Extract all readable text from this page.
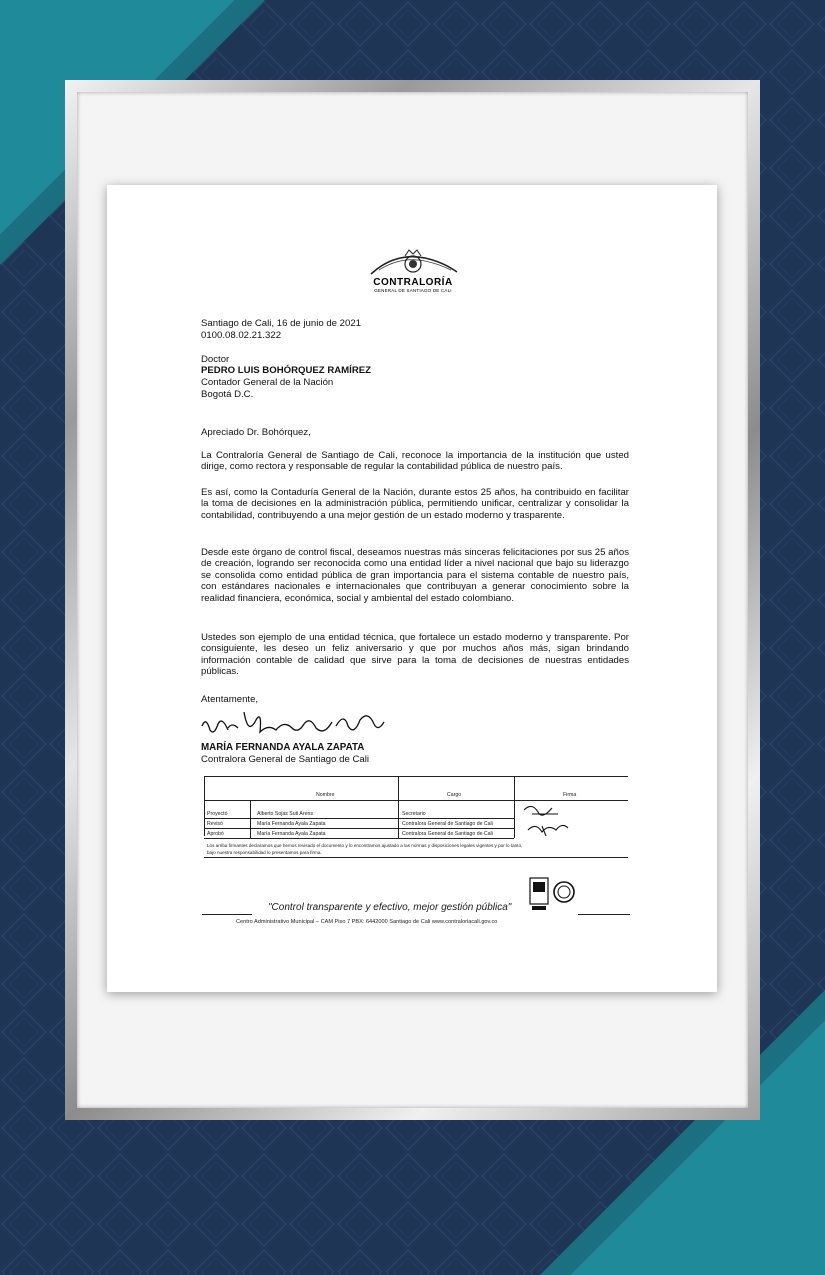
CONTRALORÍA
GENERAL DE SANTIAGO DE CALI
Santiago de Cali, 16 de junio de 2021
0100.08.02.21.322
Doctor
PEDRO LUIS BOHÓRQUEZ RAMÍREZ
Contador General de la Nación
Bogotá D.C.
Apreciado Dr. Bohórquez,
La Contraloría General de Santiago de Cali, reconoce la importancia de la institución que usted dirige, como rectora y responsable de regular la contabilidad pública de nuestro país.
Es así, como la Contaduría General de la Nación, durante estos 25 años, ha contribuido en facilitar la toma de decisiones en la administración pública, permitiendo unificar, centralizar y consolidar la contabilidad, contribuyendo a una mejor gestión de un estado moderno y trasparente.
Desde este órgano de control fiscal, deseamos nuestras más sinceras felicitaciones por sus 25 años de creación, logrando ser reconocida como una entidad líder a nivel nacional que bajo su liderazgo se consolida como entidad pública de gran importancia para el sistema contable de nuestro país, con estándares nacionales e internacionales que contribuyan a generar conocimiento sobre la realidad financiera, económica, social y ambiental del estado colombiano.
Ustedes son ejemplo de una entidad técnica, que fortalece un estado moderno y transparente. Por consiguiente, les deseo un feliz aniversario y que por muchos años más, sigan brindando información contable de calidad que sirve para la toma de decisiones de nuestras entidades públicas.
Atentamente,
MARÍA FERNANDA AYALA ZAPATA
Contralora General de Santiago de Cali
Nombre	Cargo	Firma
Proyectó	Alberto Sojas Suti Arens	Secretario
Revisó	María Fernanda Ayala Zapata	Contralora General de Santiago de Cali
Aprobó	María Fernanda Ayala Zapata	Contralora General de Santiago de Cali
Los arriba firmantes declaramos que hemos revisado el documento y lo encontramos ajustado a las normas y disposiciones legales vigentes y por lo tanto,
bajo nuestra responsabilidad lo presentamos para firma.
"Control transparente y efectivo, mejor gestión pública"
Centro Administrativo Municipal – CAM Piso 7 PBX: 6442000 Santiago de Cali www.contraloriacali.gov.co
